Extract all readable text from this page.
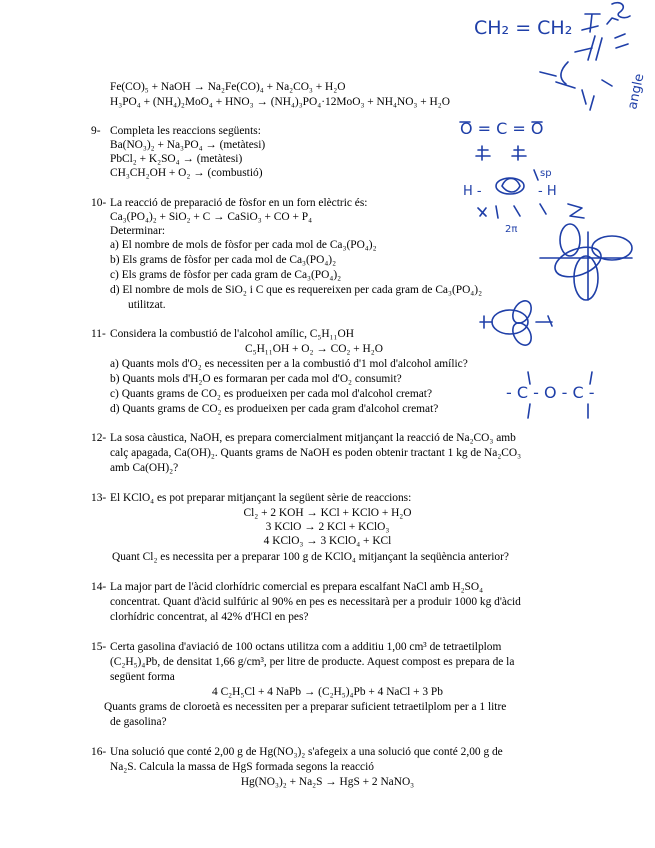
Fe(CO)₅ + NaOH → Na₂Fe(CO)₄ + Na₂CO₃ + H₂O
H₃PO₄ + (NH₄)₂MoO₄ + HNO₃ → (NH₄)₃PO₄·12MoO₃ + NH₄NO₃ + H₂O
9- Completa les reaccions següents:
Ba(NO₃)₂ + Na₃PO₄ → (metàtesi)
PbCl₂ + K₂SO₄ → (metàtesi)
CH₃CH₂OH + O₂ → (combustió)
10- La reacció de preparació de fòsfor en un forn elèctric és:
Ca₃(PO₄)₂ + SiO₂ + C → CaSiO₃ + CO + P₄
Determinar:
a) El nombre de mols de fòsfor per cada mol de Ca₃(PO₄)₂
b) Els grams de fòsfor per cada mol de Ca₃(PO₄)₂
c) Els grams de fòsfor per cada gram de Ca₃(PO₄)₂
d) El nombre de mols de SiO₂ i C que es requereixen per cada gram de Ca₃(PO₄)₂
utilitzat.
11- Considera la combustió de l'alcohol amílic, C₅H₁₁OH
C₅H₁₁OH + O₂ → CO₂ + H₂O
a) Quants mols d'O₂ es necessiten per a la combustió d'1 mol d'alcohol amílic?
b) Quants mols d'H₂O es formaran per cada mol d'O₂ consumit?
c) Quants grams de CO₂ es produeixen per cada mol d'alcohol cremat?
d) Quants grams de CO₂ es produeixen per cada gram d'alcohol cremat?
12- La sosa càustica, NaOH, es prepara comercialment mitjançant la reacció de Na₂CO₃ amb
calç apagada, Ca(OH)₂. Quants grams de NaOH es poden obtenir tractant 1 kg de Na₂CO₃
amb Ca(OH)₂?
13- El KClO₄ es pot preparar mitjançant la següent sèrie de reaccions:
Cl₂ + 2 KOH → KCl + KClO + H₂O
3 KClO → 2 KCl + KClO₃
4 KClO₃ → 3 KClO₄ + KCl
Quant Cl₂ es necessita per a preparar 100 g de KClO₄ mitjançant la seqüència anterior?
14- La major part de l'àcid clorhídric comercial es prepara escalfant NaCl amb H₂SO₄
concentrat. Quant d'àcid sulfúric al 90% en pes es necessitarà per a produir 1000 kg d'àcid
clorhídric concentrat, al 42% d'HCl en pes?
15- Certa gasolina d'aviació de 100 octans utilitza com a additiu 1,00 cm³ de tetraetilplom
(C₂H₅)₄Pb, de densitat 1,66 g/cm³, per litre de producte. Aquest compost es prepara de la
següent forma
4 C₂H₅Cl + 4 NaPb → (C₂H₅)₄Pb + 4 NaCl + 3 Pb
Quants grams de cloroetà es necessiten per a preparar suficient tetraetilplom per a 1 litre
de gasolina?
16- Una solució que conté 2,00 g de Hg(NO₃)₂ s'afegeix a una solució que conté 2,00 g de
Na₂S. Calcula la massa de HgS formada segons la reacció
Hg(NO₃)₂ + Na₂S → HgS + 2 NaNO₃
CH₂ = CH₂
angle
O = C = O
H -	- H
sp
2π
- C - O - C -
